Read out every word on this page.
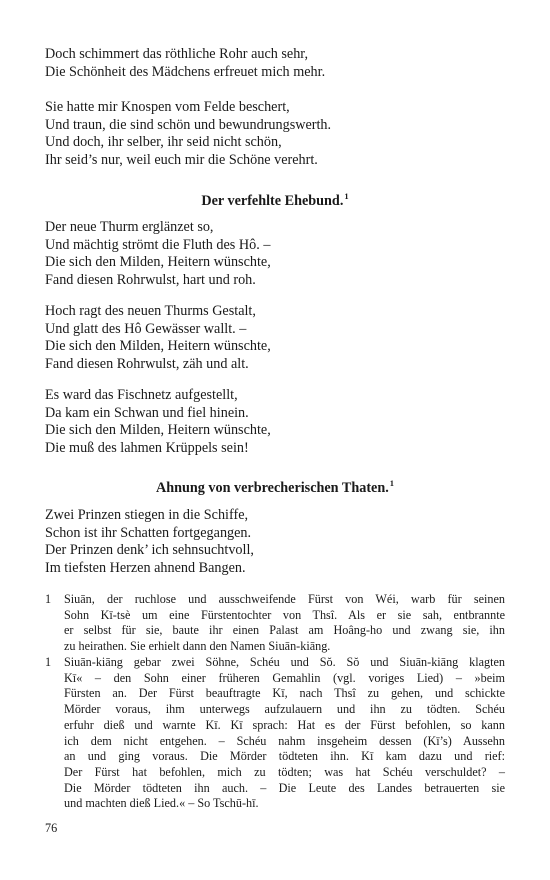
Doch schimmert das röthliche Rohr auch sehr,
Die Schönheit des Mädchens erfreuet mich mehr.
Sie hatte mir Knospen vom Felde beschert,
Und traun, die sind schön und bewundrungswerth.
Und doch, ihr selber, ihr seid nicht schön,
Ihr seid’s nur, weil euch mir die Schöne verehrt.
Der verfehlte Ehebund.$^1$
Der neue Thurm erglänzet so,
Und mächtig strömt die Fluth des Hô. –
Die sich den Milden, Heitern wünschte,
Fand diesen Rohrwulst, hart und roh.
Hoch ragt des neuen Thurms Gestalt,
Und glatt des Hô Gewässer wallt. –
Die sich den Milden, Heitern wünschte,
Fand diesen Rohrwulst, zäh und alt.
Es ward das Fischnetz aufgestellt,
Da kam ein Schwan und fiel hinein.
Die sich den Milden, Heitern wünschte,
Die muß des lahmen Krüppels sein!
Ahnung von verbrecherischen Thaten.$^1$
Zwei Prinzen stiegen in die Schiffe,
Schon ist ihr Schatten fortgegangen.
Der Prinzen denk’ ich sehnsuchtvoll,
Im tiefsten Herzen ahnend Bangen.
1 Siuān, der ruchlose und ausschweifende Fürst von Wéi, warb für seinen
Sohn Kī-tsè um eine Fürstentochter von Thsî. Als er sie sah, entbrannte
er selbst für sie, baute ihr einen Palast am Hoâng-ho und zwang sie, ihn
zu heirathen. Sie erhielt dann den Namen Siuān-kiāng.
1 Siuān-kiāng gebar zwei Söhne, Schéu und Sŏ. Sŏ und Siuān-kiāng klagten
Kī« – den Sohn einer früheren Gemahlin (vgl. voriges Lied) – »beim
Fürsten an. Der Fürst beauftragte Kī, nach Thsî zu gehen, und schickte
Mörder voraus, ihm unterwegs aufzulauern und ihn zu tödten. Schéu
erfuhr dieß und warnte Kī. Kī sprach: Hat es der Fürst befohlen, so kann
ich dem nicht entgehen. – Schéu nahm insgeheim dessen (Kī’s) Aussehn
an und ging voraus. Die Mörder tödteten ihn. Kī kam dazu und rief:
Der Fürst hat befohlen, mich zu tödten; was hat Schéu verschuldet? –
Die Mörder tödteten ihn auch. – Die Leute des Landes betrauerten sie
und machten dieß Lied.« – So Tschū-hī.
76
